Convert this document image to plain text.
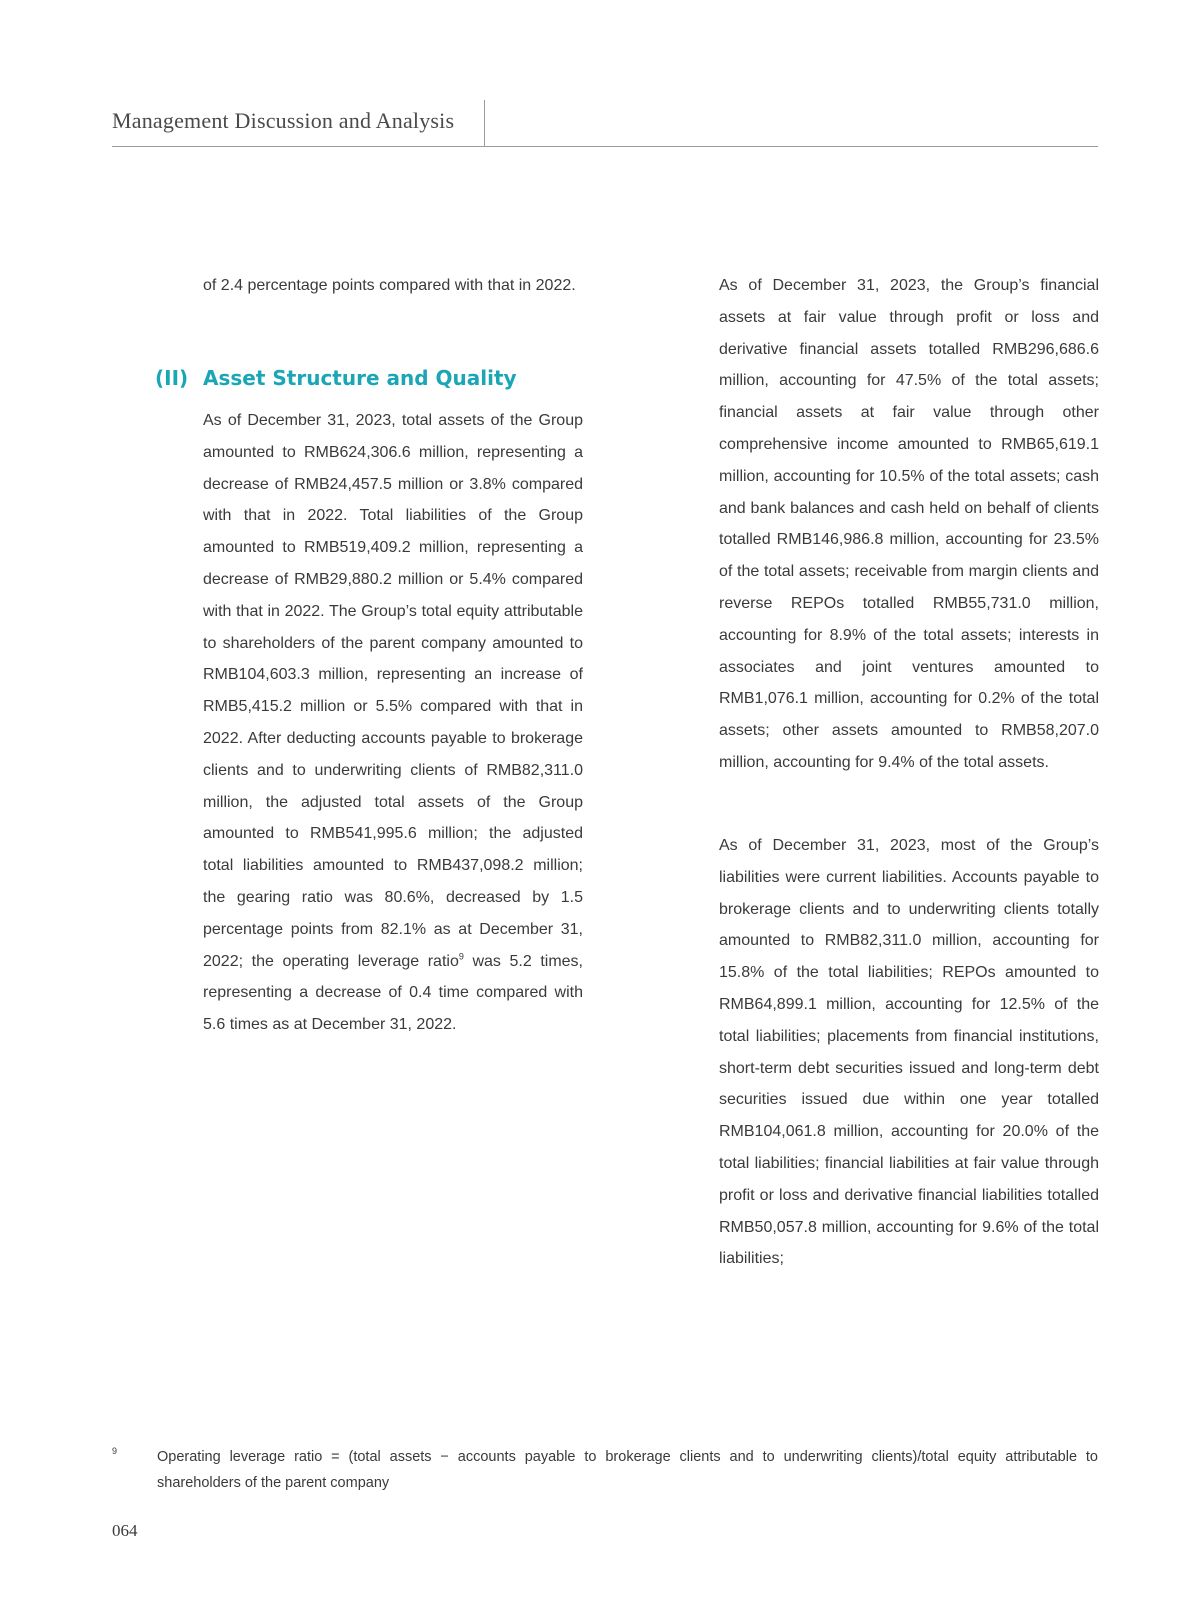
Management Discussion and Analysis

of 2.4 percentage points compared with that in 2022.

(II) Asset Structure and Quality

As of December 31, 2023, total assets of the Group amounted to RMB624,306.6 million, representing a decrease of RMB24,457.5 million or 3.8% compared with that in 2022. Total liabilities of the Group amounted to RMB519,409.2 million, representing a decrease of RMB29,880.2 million or 5.4% compared with that in 2022. The Group’s total equity attributable to shareholders of the parent company amounted to RMB104,603.3 million, representing an increase of RMB5,415.2 million or 5.5% compared with that in 2022. After deducting accounts payable to brokerage clients and to underwriting clients of RMB82,311.0 million, the adjusted total assets of the Group amounted to RMB541,995.6 million; the adjusted total liabilities amounted to RMB437,098.2 million; the gearing ratio was 80.6%, decreased by 1.5 percentage points from 82.1% as at December 31, 2022; the operating leverage ratio$^9$ was 5.2 times, representing a decrease of 0.4 time compared with 5.6 times as at December 31, 2022.

As of December 31, 2023, the Group’s financial assets at fair value through profit or loss and derivative financial assets totalled RMB296,686.6 million, accounting for 47.5% of the total assets; financial assets at fair value through other comprehensive income amounted to RMB65,619.1 million, accounting for 10.5% of the total assets; cash and bank balances and cash held on behalf of clients totalled RMB146,986.8 million, accounting for 23.5% of the total assets; receivable from margin clients and reverse REPOs totalled RMB55,731.0 million, accounting for 8.9% of the total assets; interests in associates and joint ventures amounted to RMB1,076.1 million, accounting for 0.2% of the total assets; other assets amounted to RMB58,207.0 million, accounting for 9.4% of the total assets.

As of December 31, 2023, most of the Group’s liabilities were current liabilities. Accounts payable to brokerage clients and to underwriting clients totally amounted to RMB82,311.0 million, accounting for 15.8% of the total liabilities; REPOs amounted to RMB64,899.1 million, accounting for 12.5% of the total liabilities; placements from financial institutions, short-term debt securities issued and long-term debt securities issued due within one year totalled RMB104,061.8 million, accounting for 20.0% of the total liabilities; financial liabilities at fair value through profit or loss and derivative financial liabilities totalled RMB50,057.8 million, accounting for 9.6% of the total liabilities;

9	Operating leverage ratio = (total assets − accounts payable to brokerage clients and to underwriting clients)/total equity attributable to shareholders of the parent company
064
